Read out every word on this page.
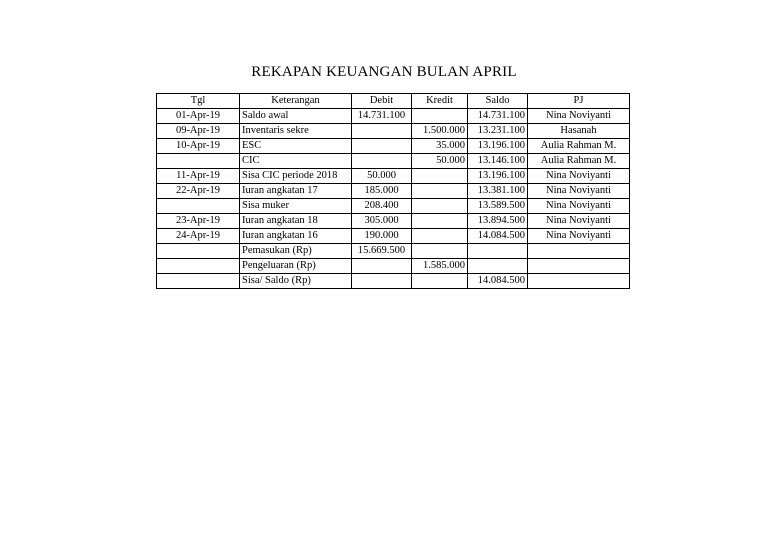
REKAPAN KEUANGAN BULAN APRIL
Tgl	Keterangan	Debit	Kredit	Saldo	PJ
01-Apr-19	Saldo awal	14.731.100		14.731.100	Nina Noviyanti
09-Apr-19	Inventaris sekre		1.500.000	13.231.100	Hasanah
10-Apr-19	ESC		35.000	13.196.100	Aulia Rahman M.
	CIC		50.000	13.146.100	Aulia Rahman M.
11-Apr-19	Sisa CIC periode 2018	50.000		13.196.100	Nina Noviyanti
22-Apr-19	Iuran angkatan 17	185.000		13.381.100	Nina Noviyanti
	Sisa muker	208.400		13.589.500	Nina Noviyanti
23-Apr-19	Iuran angkatan 18	305.000		13.894.500	Nina Noviyanti
24-Apr-19	Iuran angkatan 16	190.000		14.084.500	Nina Noviyanti
	Pemasukan (Rp)	15.669.500			
	Pengeluaran (Rp)		1.585.000		
	Sisa/ Saldo (Rp)			14.084.500	
